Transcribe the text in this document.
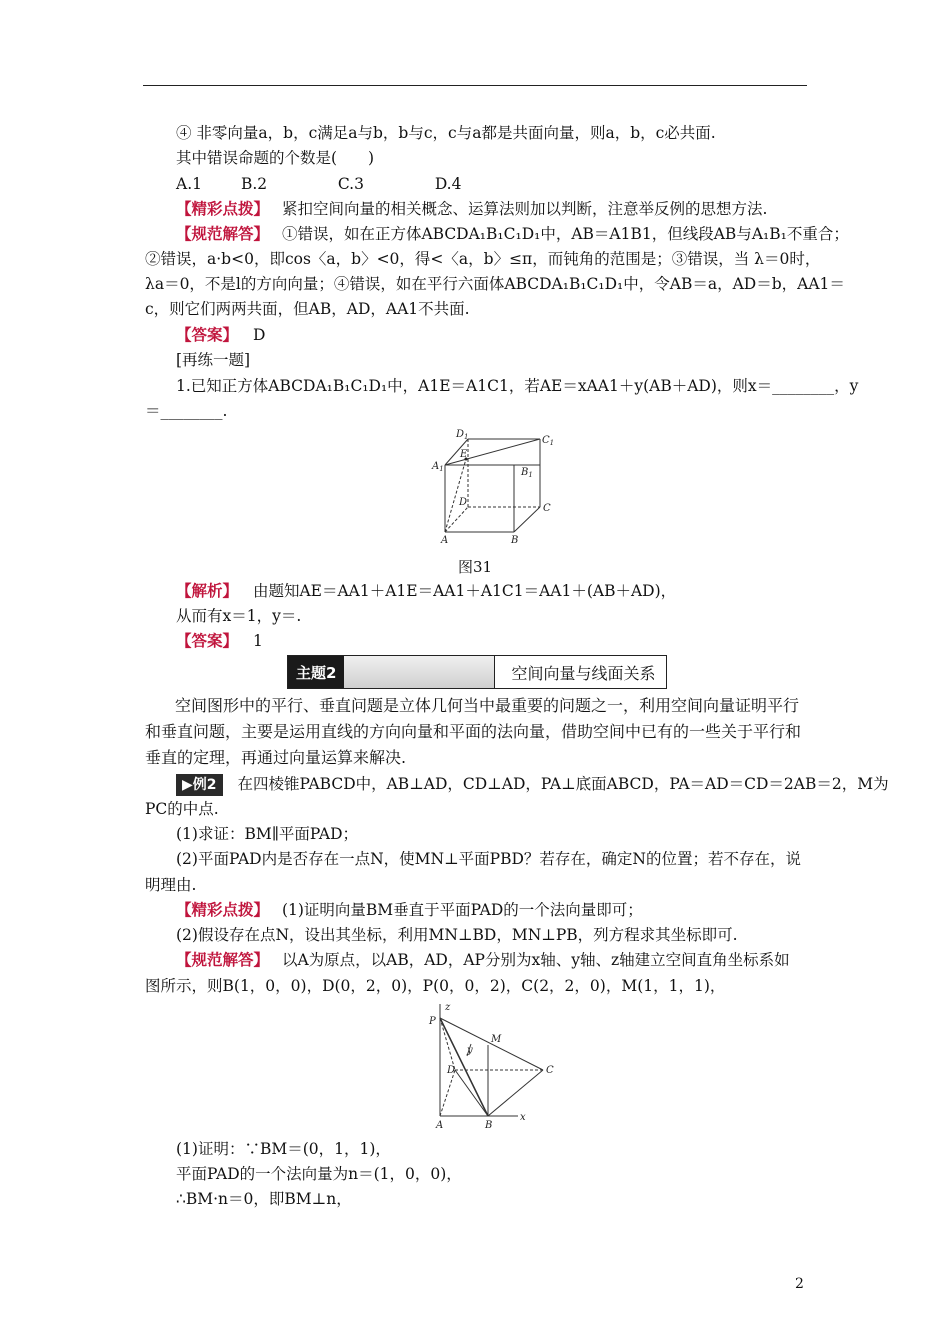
④ 非零向量a，b，c满足a与b，b与c，c与a都是共面向量，则a，b，c必共面.
其中错误命题的个数是(　　)
A.1	B.2	C.3	D.4
【精彩点拨】 紧扣空间向量的相关概念、运算法则加以判断，注意举反例的思想方法.
【规范解答】 ①错误，如在正方体ABCDA₁B₁C₁D₁中，AB＝A1B1，但线段AB与A₁B₁不重合；
②错误，a·b<0，即cos〈a，b〉<0，得<〈a，b〉≤π，而钝角的范围是；③错误，当 λ＝0时，
λa＝0，不是l的方向向量；④错误，如在平行六面体ABCDA₁B₁C₁D₁中，令AB＝a，AD＝b，AA1＝
c，则它们两两共面，但AB，AD，AA1不共面.
【答案】 D
[再练一题]
1.已知正方体ABCDA₁B₁C₁D₁中，A1E＝A1C1，若AE＝xAA1＋y(AB＋AD)，则x＝________，y
＝________.
$D_1$	$C_1$
$A_1$
E
$B_1$
D
C
A	B
图31
【解析】 由题知AE＝AA1＋A1E＝AA1＋A1C1＝AA1＋(AB＋AD)，
从而有x＝1，y＝.
【答案】 1
主题2	空间向量与线面关系
空间图形中的平行、垂直问题是立体几何当中最重要的问题之一，利用空间向量证明平行和垂直问题，主要是运用直线的方向向量和平面的法向量，借助空间中已有的一些关于平行和垂直的定理，再通过向量运算来解决.
▶例2 在四棱锥PABCD中，AB⊥AD，CD⊥AD，PA⊥底面ABCD，PA＝AD＝CD＝2AB＝2，M为
PC的中点.
(1)求证：BM∥平面PAD；
(2)平面PAD内是否存在一点N，使MN⊥平面PBD？若存在，确定N的位置；若不存在，说
明理由.
【精彩点拨】 (1)证明向量BM垂直于平面PAD的一个法向量即可；
(2)假设存在点N，设出其坐标，利用MN⊥BD，MN⊥PB，列方程求其坐标即可.
【规范解答】 以A为原点，以AB，AD，AP分别为x轴、y轴、z轴建立空间直角坐标系如
图所示，则B(1，0，0)，D(0，2，0)，P(0，0，2)，C(2，2，0)，M(1，1，1)，
z
P
M
y
D	C
A	B
x
(1)证明：∵BM＝(0，1，1)，
平面PAD的一个法向量为n＝(1，0，0)，
∴BM·n＝0，即BM⊥n，
2
